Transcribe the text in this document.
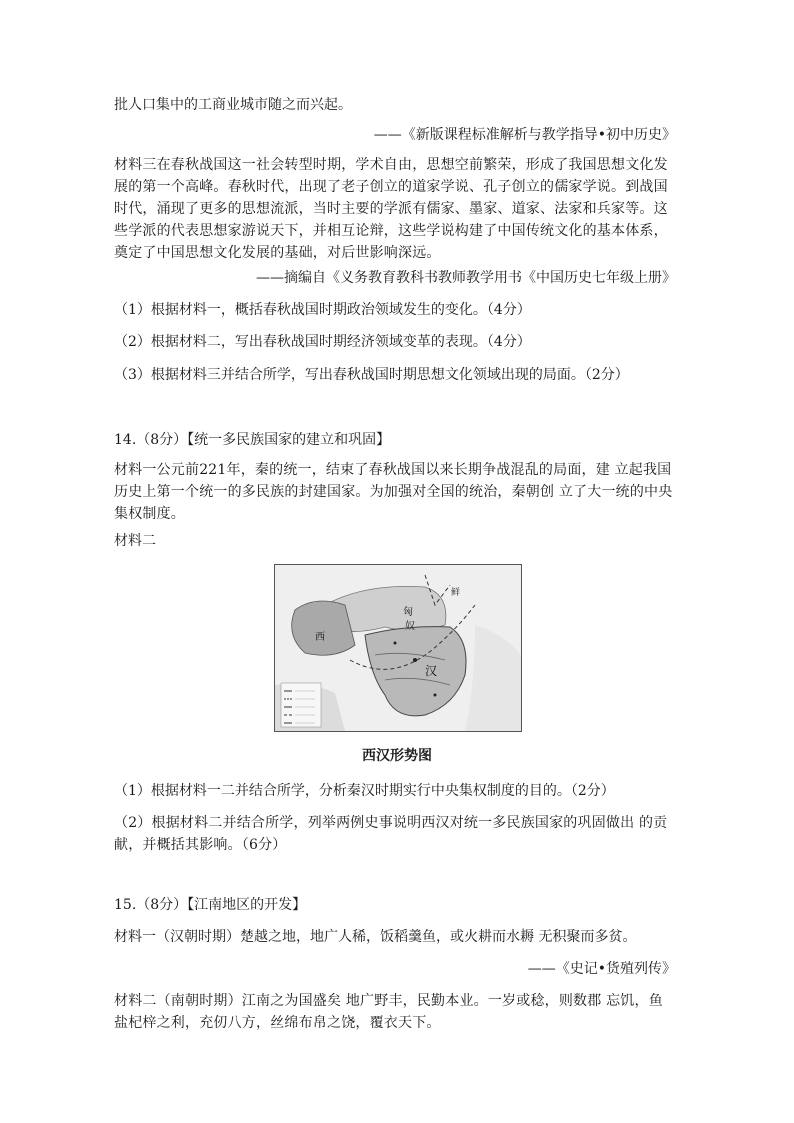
批人口集中的工商业城市随之而兴起。
——《新版课程标准解析与教学指导•初中历史》
材料三在春秋战国这一社会转型时期，学术自由，思想空前繁荣，形成了我国思想文化发展的第一个高峰。春秋时代，出现了老子创立的道家学说、孔子创立的儒家学说。到战国时代，涌现了更多的思想流派，当时主要的学派有儒家、墨家、道家、法家和兵家等。这些学派的代表思想家游说天下，并相互论辩，这些学说构建了中国传统文化的基本体系，奠定了中国思想文化发展的基础，对后世影响深远。
——摘编自《义务教育教科书教师教学用书《中国历史七年级上册》
（1）根据材料一，概括春秋战国时期政治领域发生的变化。（4分）
（2）根据材料二，写出春秋战国时期经济领域变革的表现。（4分）
（3）根据材料三并结合所学，写出春秋战国时期思想文化领域出现的局面。（2分）
14.（8分）【统一多民族国家的建立和巩固】
材料一公元前221年，秦的统一，结束了春秋战国以来长期争战混乱的局面，建 立起我国历史上第一个统一的多民族的封建国家。为加强对全国的统治，秦朝创 立了大一统的中央集权制度。
材料二
匈
奴
鲜
汉
西
西汉形势图
（1）根据材料一二并结合所学，分析秦汉时期实行中央集权制度的目的。（2分）
（2）根据材料二并结合所学，列举两例史事说明西汉对统一多民族国家的巩固做出 的贡献，并概括其影响。（6分）
15.（8分）【江南地区的开发】
材料一（汉朝时期）楚越之地，地广人稀，饭稻羹鱼，或火耕而水耨 无积聚而多贫。
——《史记•货殖列传》
材料二（南朝时期）江南之为国盛矣 地广野丰，民勤本业。一岁或稔，则数郡 忘饥，鱼盐杞梓之利，充仞八方，丝绵布帛之饶，覆衣天下。
